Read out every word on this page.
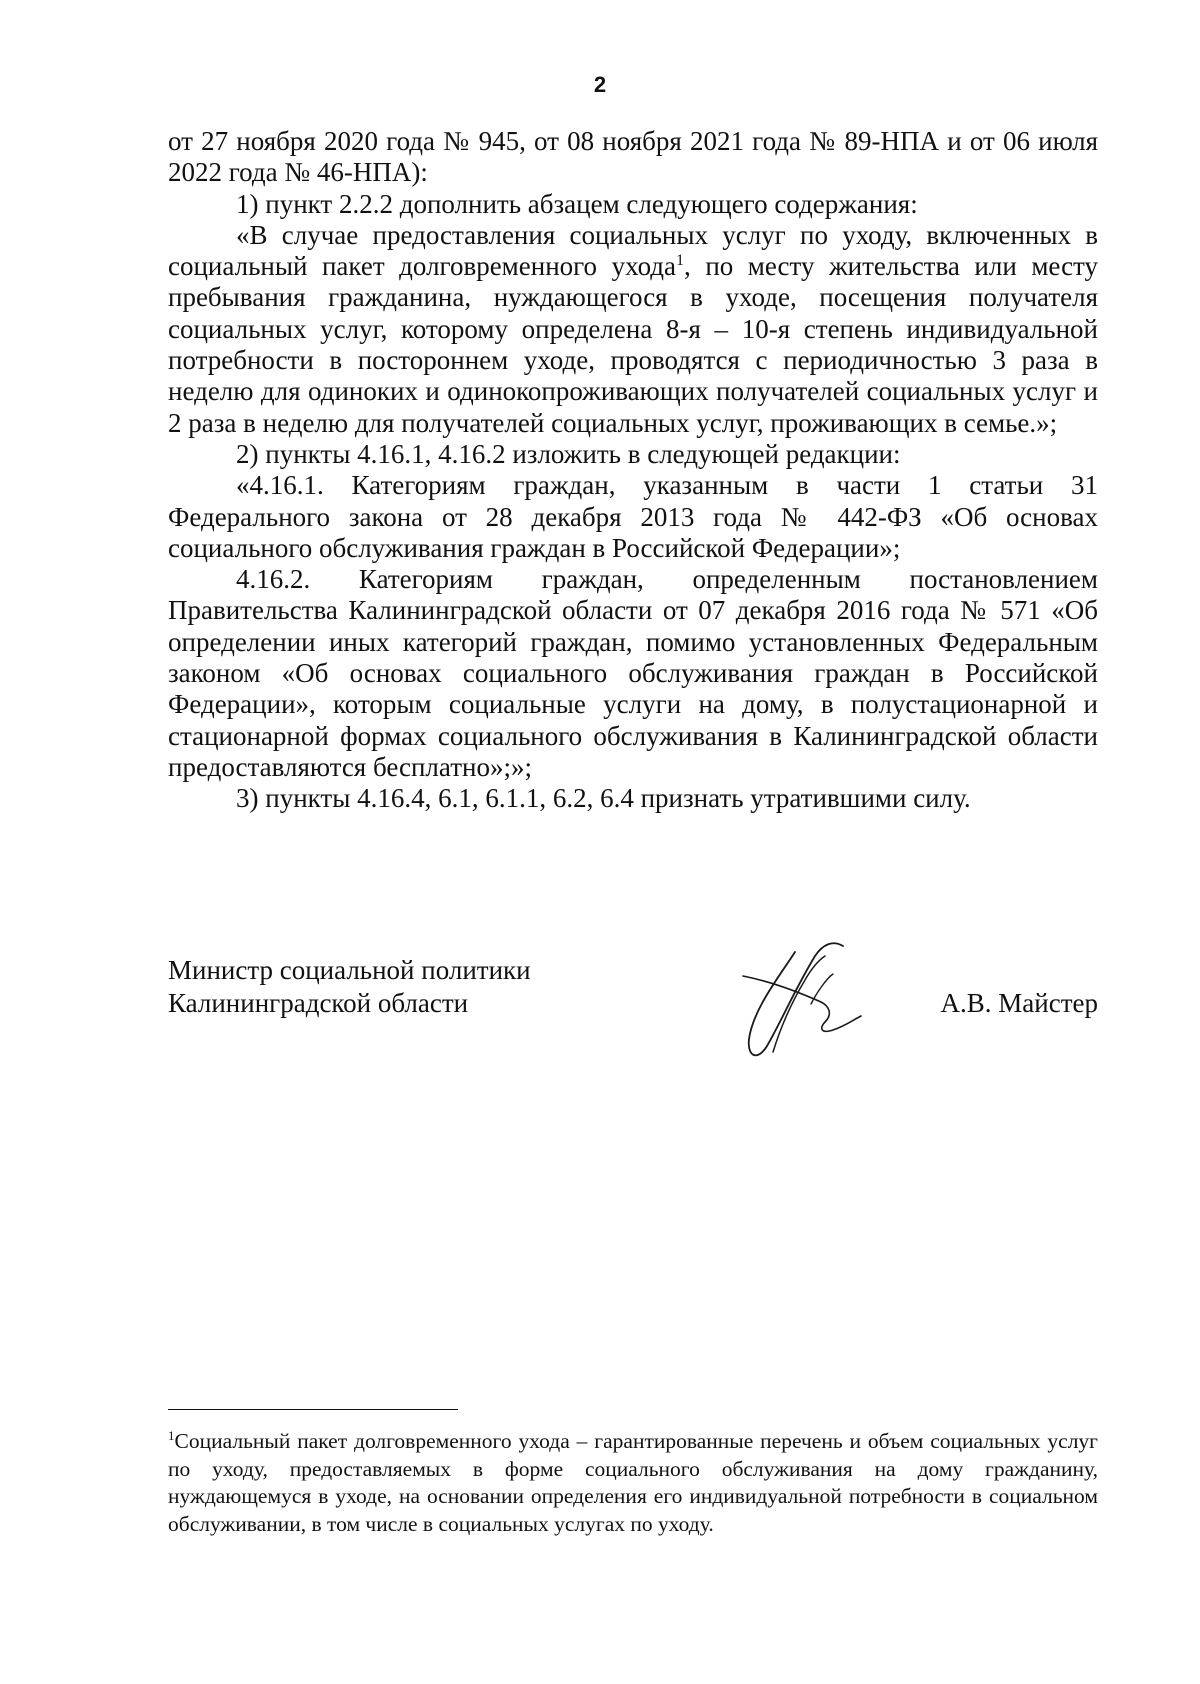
2

от 27 ноября 2020 года № 945, от 08 ноября 2021 года № 89-НПА и от 06 июля 2022 года № 46-НПА):

1) пункт 2.2.2 дополнить абзацем следующего содержания:

«В случае предоставления социальных услуг по уходу, включенных в социальный пакет долговременного ухода$^1$, по месту жительства или месту пребывания гражданина, нуждающегося в уходе, посещения получателя социальных услуг, которому определена 8-я – 10-я степень индивидуальной потребности в постороннем уходе, проводятся с периодичностью 3 раза в неделю для одиноких и одинокопроживающих получателей социальных услуг и 2 раза в неделю для получателей социальных услуг, проживающих в семье.»;

2) пункты 4.16.1, 4.16.2 изложить в следующей редакции:

«4.16.1. Категориям граждан, указанным в части 1 статьи 31 Федерального закона от 28 декабря 2013 года № 442-ФЗ «Об основах социального обслуживания граждан в Российской Федерации»;

4.16.2. Категориям граждан, определенным постановлением Правительства Калининградской области от 07 декабря 2016 года № 571 «Об определении иных категорий граждан, помимо установленных Федеральным законом «Об основах социального обслуживания граждан в Российской Федерации», которым социальные услуги на дому, в полустационарной и стационарной формах социального обслуживания в Калининградской области предоставляются бесплатно»;»;

3) пункты 4.16.4, 6.1, 6.1.1, 6.2, 6.4 признать утратившими силу.

Министр социальной политики
Калининградской области	А.В. Майстер
$^1$Социальный пакет долговременного ухода – гарантированные перечень и объем социальных услуг по уходу, предоставляемых в форме социального обслуживания на дому гражданину, нуждающемуся в уходе, на основании определения его индивидуальной потребности в социальном обслуживании, в том числе в социальных услугах по уходу.
